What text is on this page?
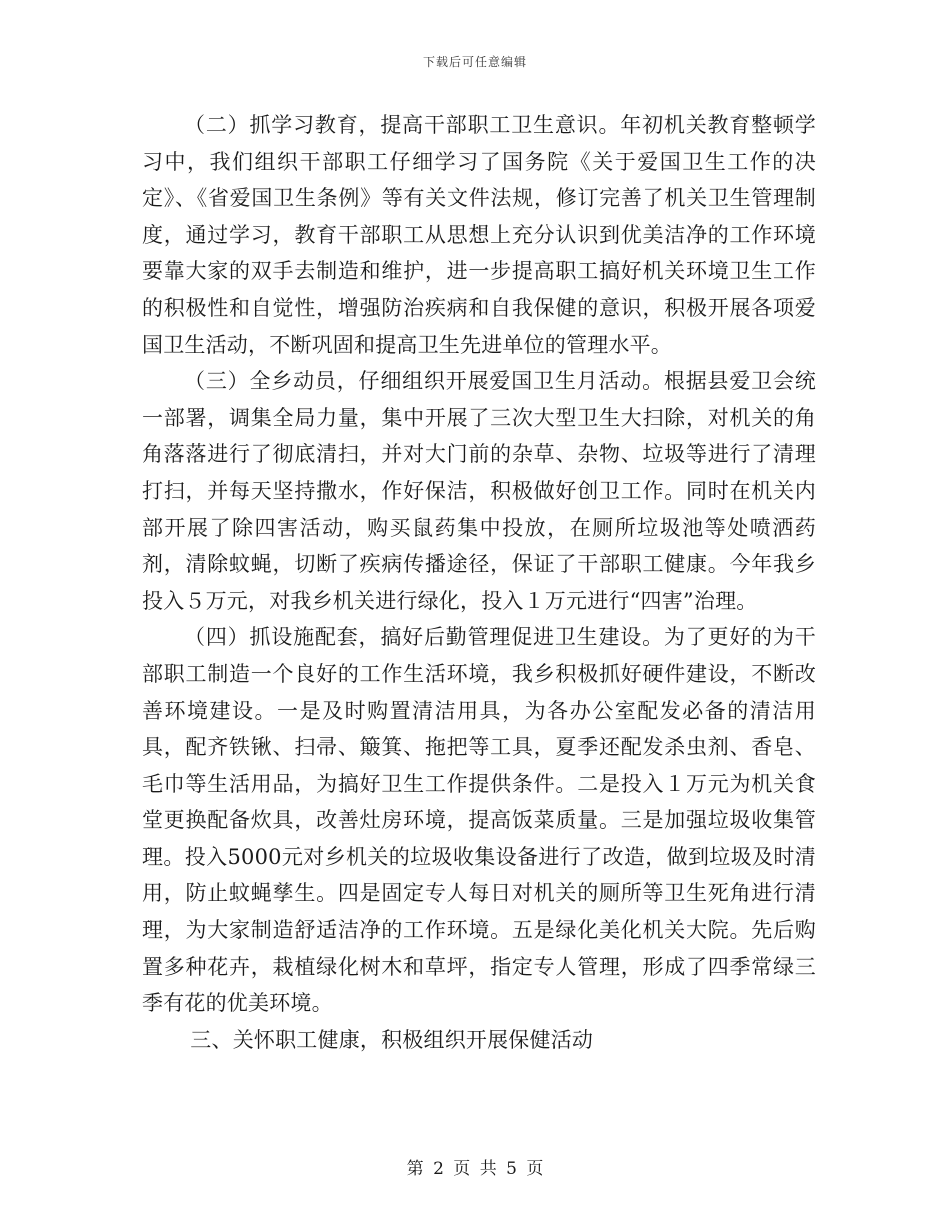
下载后可任意编辑

（二）抓学习教育，提高干部职工卫生意识。年初机关教育整顿学习中，我们组织干部职工仔细学习了国务院《关于爱国卫生工作的决定》、《省爱国卫生条例》等有关文件法规，修订完善了机关卫生管理制度，通过学习，教育干部职工从思想上充分认识到优美洁净的工作环境要靠大家的双手去制造和维护，进一步提高职工搞好机关环境卫生工作的积极性和自觉性，增强防治疾病和自我保健的意识，积极开展各项爱国卫生活动，不断巩固和提高卫生先进单位的管理水平。

（三）全乡动员，仔细组织开展爱国卫生月活动。根据县爱卫会统一部署，调集全局力量，集中开展了三次大型卫生大扫除，对机关的角角落落进行了彻底清扫，并对大门前的杂草、杂物、垃圾等进行了清理打扫，并每天坚持撒水，作好保洁，积极做好创卫工作。同时在机关内部开展了除四害活动，购买鼠药集中投放，在厕所垃圾池等处喷洒药剂，清除蚊蝇，切断了疾病传播途径，保证了干部职工健康。今年我乡投入５万元，对我乡机关进行绿化，投入１万元进行“四害”治理。

（四）抓设施配套，搞好后勤管理促进卫生建设。为了更好的为干部职工制造一个良好的工作生活环境，我乡积极抓好硬件建设，不断改善环境建设。一是及时购置清洁用具，为各办公室配发必备的清洁用具，配齐铁锹、扫帚、簸箕、拖把等工具，夏季还配发杀虫剂、香皂、毛巾等生活用品，为搞好卫生工作提供条件。二是投入１万元为机关食堂更换配备炊具，改善灶房环境，提高饭菜质量。三是加强垃圾收集管理。投入5000元对乡机关的垃圾收集设备进行了改造，做到垃圾及时清用，防止蚊蝇孳生。四是固定专人每日对机关的厕所等卫生死角进行清理，为大家制造舒适洁净的工作环境。五是绿化美化机关大院。先后购置多种花卉，栽植绿化树木和草坪，指定专人管理，形成了四季常绿三季有花的优美环境。

三、关怀职工健康，积极组织开展保健活动

第 2 页 共 5 页
